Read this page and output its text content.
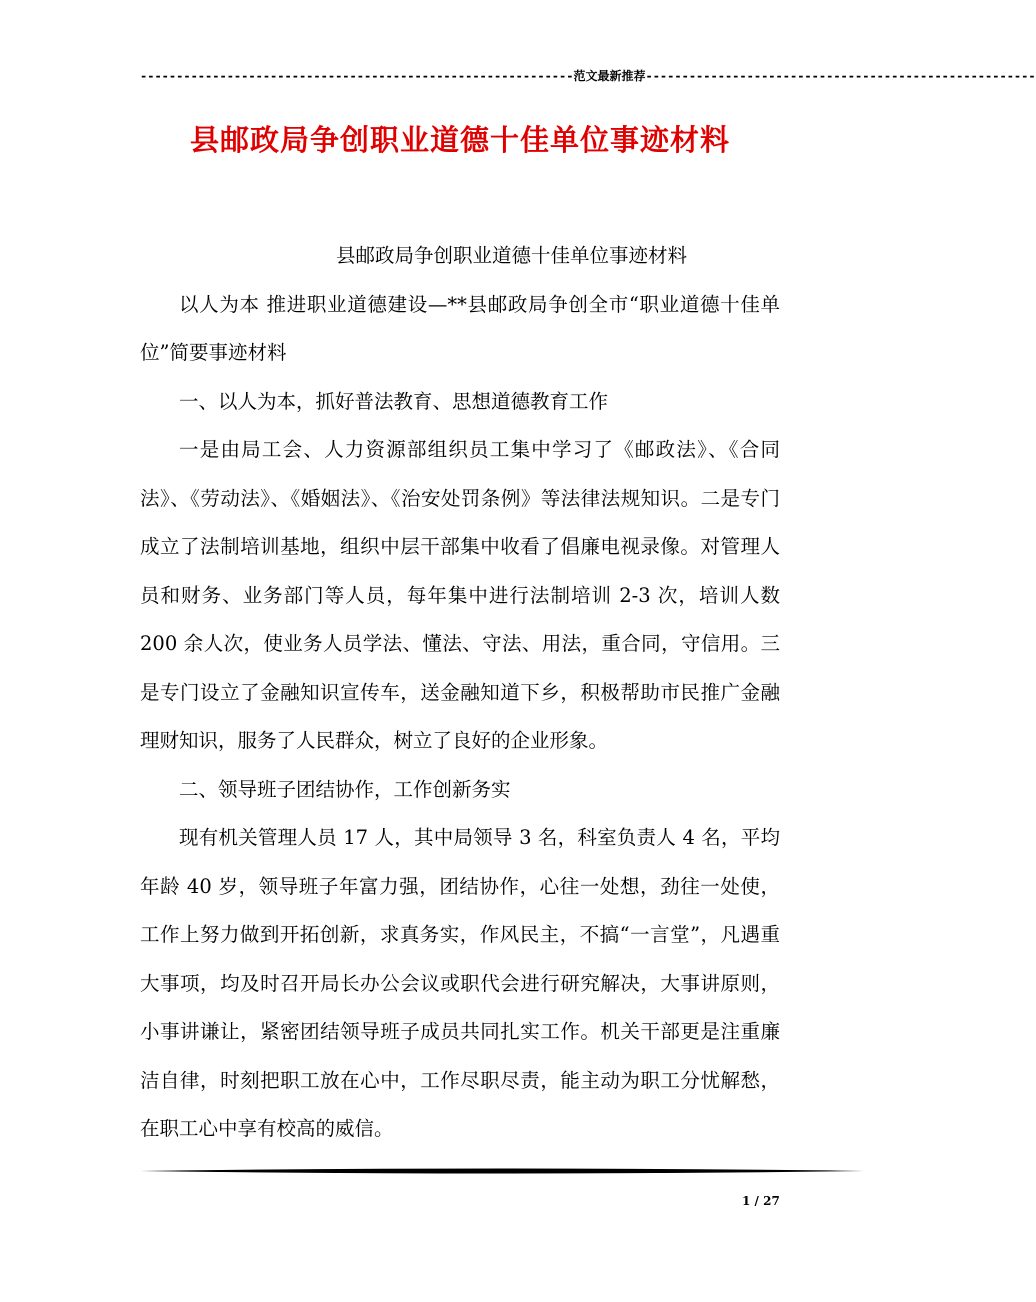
------------------------------------------------------------范文最新推荐------------------------------------------------------
县邮政局争创职业道德十佳单位事迹材料

县邮政局争创职业道德十佳单位事迹材料

以人为本 推进职业道德建设—**县邮政局争创全市“职业道德十佳单位”简要事迹材料

一、以人为本，抓好普法教育、思想道德教育工作

一是由局工会、人力资源部组织员工集中学习了《邮政法》、《合同法》、《劳动法》、《婚姻法》、《治安处罚条例》等法律法规知识。二是专门成立了法制培训基地，组织中层干部集中收看了倡廉电视录像。对管理人员和财务、业务部门等人员，每年集中进行法制培训 2-3 次，培训人数 200 余人次，使业务人员学法、懂法、守法、用法，重合同，守信用。三是专门设立了金融知识宣传车，送金融知道下乡，积极帮助市民推广金融理财知识，服务了人民群众，树立了良好的企业形象。

二、领导班子团结协作，工作创新务实

现有机关管理人员 17 人，其中局领导 3 名，科室负责人 4 名，平均年龄 40 岁，领导班子年富力强，团结协作，心往一处想，劲往一处使，工作上努力做到开拓创新，求真务实，作风民主，不搞“一言堂”，凡遇重大事项，均及时召开局长办公会议或职代会进行研究解决，大事讲原则，小事讲谦让，紧密团结领导班子成员共同扎实工作。机关干部更是注重廉洁自律，时刻把职工放在心中，工作尽职尽责，能主动为职工分忧解愁，在职工心中享有校高的威信。

1 / 27
